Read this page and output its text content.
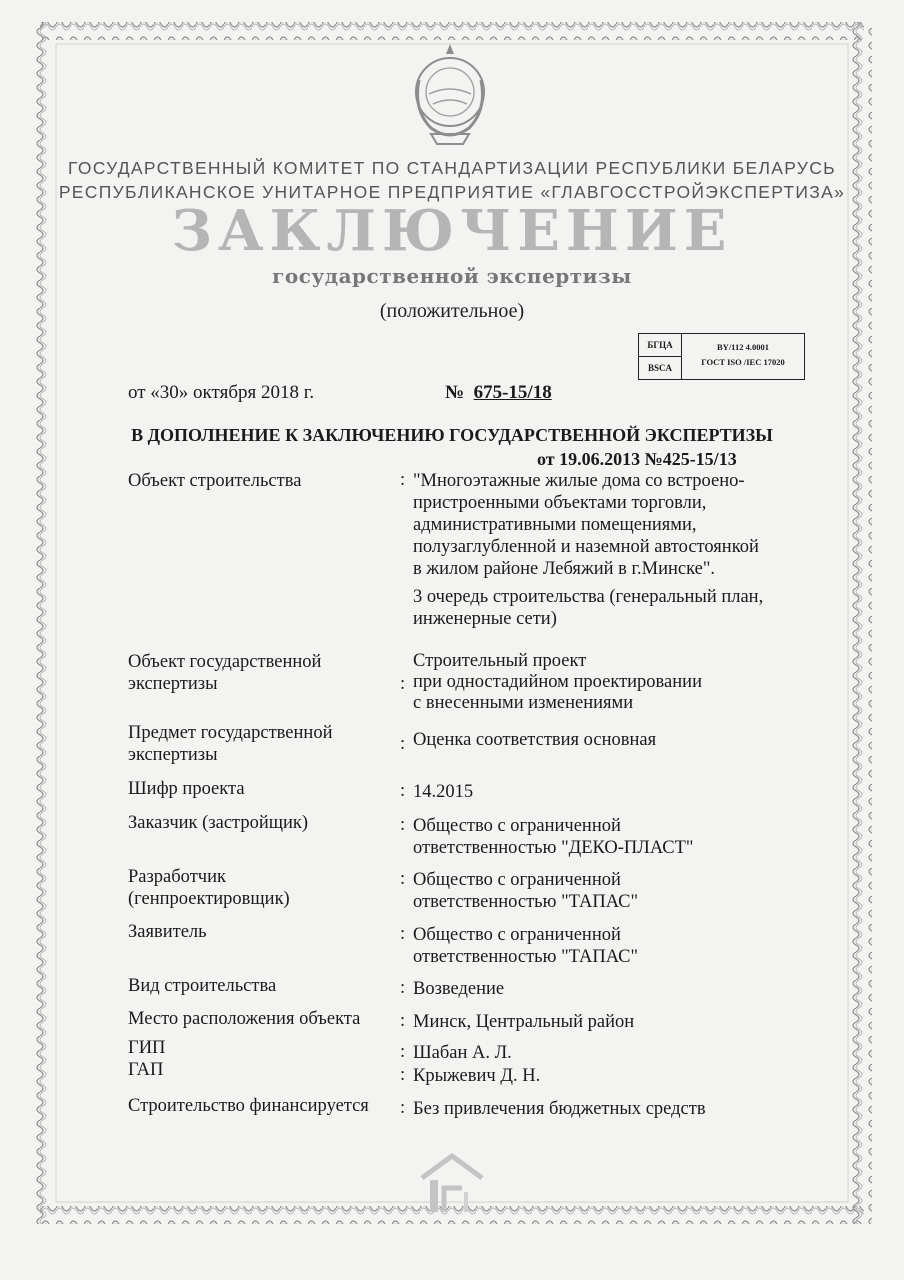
ГОСУДАРСТВЕННЫЙ КОМИТЕТ ПО СТАНДАРТИЗАЦИИ РЕСПУБЛИКИ БЕЛАРУСЬ
РЕСПУБЛИКАНСКОЕ УНИТАРНОЕ ПРЕДПРИЯТИЕ «ГЛАВГОССТРОЙЭКСПЕРТИЗА»
ЗАКЛЮЧЕНИЕ
государственной экспертизы
(положительное)
БГЦА
BSCA
BY/112 4.0001
ГОСТ ISO /IEC 17020
от «30» октября 2018 г.	№ 675-15/18
В ДОПОЛНЕНИЕ К ЗАКЛЮЧЕНИЮ ГОСУДАРСТВЕННОЙ ЭКСПЕРТИЗЫ
от 19.06.2013 №425-15/13
Объект строительства	: "Многоэтажные жилые дома со встроено-
пристроенными объектами торговли,
административными помещениями,
полузаглубленной и наземной автостоянкой
в жилом районе Лебяжий в г.Минске".
3 очередь строительства (генеральный план,
инженерные сети)
Объект государственной
экспертизы	:
Строительный проект
при одностадийном проектировании
с внесенными изменениями
Предмет государственной
экспертизы
: Оценка соответствия основная
Шифр проекта	: 14.2015
Заказчик (застройщик)	: Общество с ограниченной
ответственностью "ДЕКО-ПЛАСТ"
Разработчик
(генпроектировщик)
: Общество с ограниченной
ответственностью "ТАПАС"
Заявитель	: Общество с ограниченной
ответственностью "ТАПАС"
Вид строительства	: Возведение
Место расположения объекта : Минск, Центральный район
ГИП	: Шабан А. Л.
ГАП	: Крыжевич Д. Н.
Строительство финансируется : Без привлечения бюджетных средств
